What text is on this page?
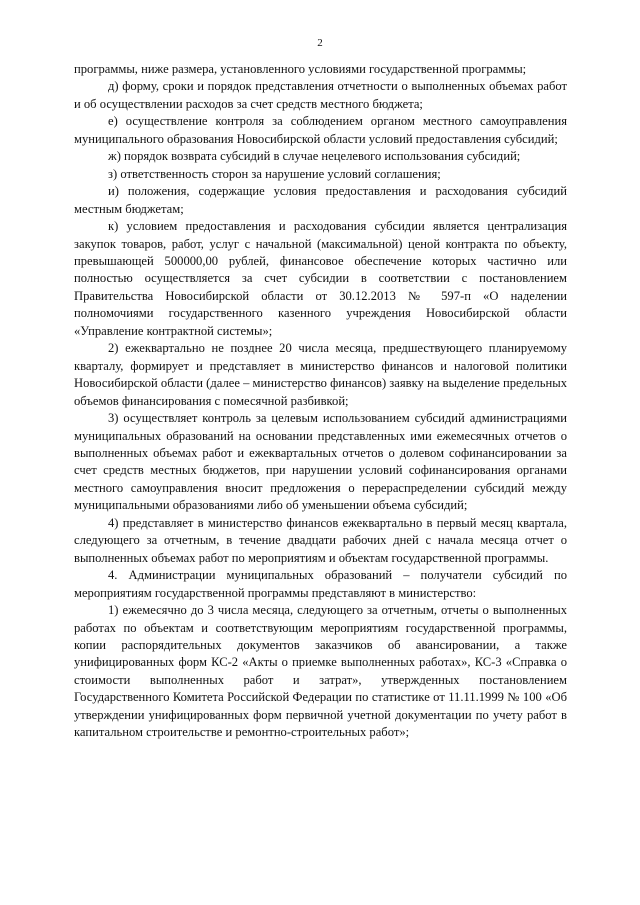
2

программы, ниже размера, установленного условиями государственной программы;

д) форму, сроки и порядок представления отчетности о выполненных объемах работ и об осуществлении расходов за счет средств местного бюджета;

е) осуществление контроля за соблюдением органом местного самоуправления муниципального образования Новосибирской области условий предоставления субсидий;

ж) порядок возврата субсидий в случае нецелевого использования субсидий;

з) ответственность сторон за нарушение условий соглашения;

и) положения, содержащие условия предоставления и расходования субсидий местным бюджетам;

к) условием предоставления и расходования субсидии является централизация закупок товаров, работ, услуг с начальной (максимальной) ценой контракта по объекту, превышающей 500000,00 рублей, финансовое обеспечение которых частично или полностью осуществляется за счет субсидии в соответствии с постановлением Правительства Новосибирской области от 30.12.2013 № 597-п «О наделении полномочиями государственного казенного учреждения Новосибирской области «Управление контрактной системы»;

2) ежеквартально не позднее 20 числа месяца, предшествующего планируемому кварталу, формирует и представляет в министерство финансов и налоговой политики Новосибирской области (далее – министерство финансов) заявку на выделение предельных объемов финансирования с помесячной разбивкой;

3) осуществляет контроль за целевым использованием субсидий администрациями муниципальных образований на основании представленных ими ежемесячных отчетов о выполненных объемах работ и ежеквартальных отчетов о долевом софинансировании за счет средств местных бюджетов, при нарушении условий софинансирования органами местного самоуправления вносит предложения о перераспределении субсидий между муниципальными образованиями либо об уменьшении объема субсидий;

4) представляет в министерство финансов ежеквартально в первый месяц квартала, следующего за отчетным, в течение двадцати рабочих дней с начала месяца отчет о выполненных объемах работ по мероприятиям и объектам государственной программы.

4. Администрации муниципальных образований – получатели субсидий по мероприятиям государственной программы представляют в министерство:

1) ежемесячно до 3 числа месяца, следующего за отчетным, отчеты о выполненных работах по объектам и соответствующим мероприятиям государственной программы, копии распорядительных документов заказчиков об авансировании, а также унифицированных форм КС-2 «Акты о приемке выполненных работах», КС-3 «Справка о стоимости выполненных работ и затрат», утвержденных постановлением Государственного Комитета Российской Федерации по статистике от 11.11.1999 № 100 «Об утверждении унифицированных форм первичной учетной документации по учету работ в капитальном строительстве и ремонтно-строительных работ»;
